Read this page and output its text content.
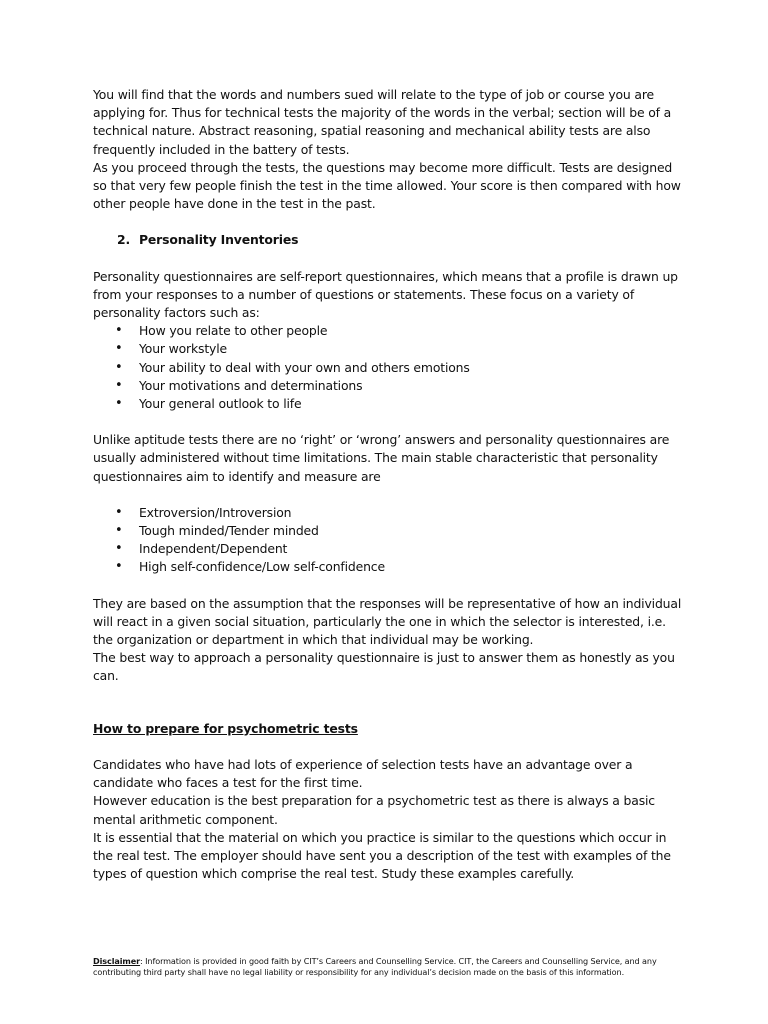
You will find that the words and numbers sued will relate to the type of job or course you are applying for. Thus for technical tests the majority of the words in the verbal; section will be of a technical nature. Abstract reasoning, spatial reasoning and mechanical ability tests are also frequently included in the battery of tests.

As you proceed through the tests, the questions may become more difficult. Tests are designed so that very few people finish the test in the time allowed. Your score is then compared with how other people have done in the test in the past.

2. Personality Inventories

Personality questionnaires are self-report questionnaires, which means that a profile is drawn up from your responses to a number of questions or statements. These focus on a variety of personality factors such as:

• How you relate to other people
• Your workstyle
• Your ability to deal with your own and others emotions
• Your motivations and determinations
• Your general outlook to life

Unlike aptitude tests there are no ‘right’ or ‘wrong’ answers and personality questionnaires are usually administered without time limitations. The main stable characteristic that personality questionnaires aim to identify and measure are

• Extroversion/Introversion
• Tough minded/Tender minded
• Independent/Dependent
• High self-confidence/Low self-confidence

They are based on the assumption that the responses will be representative of how an individual will react in a given social situation, particularly the one in which the selector is interested, i.e. the organization or department in which that individual may be working.

The best way to approach a personality questionnaire is just to answer them as honestly as you can.

How to prepare for psychometric tests

Candidates who have had lots of experience of selection tests have an advantage over a candidate who faces a test for the first time.

However education is the best preparation for a psychometric test as there is always a basic mental arithmetic component.

It is essential that the material on which you practice is similar to the questions which occur in the real test. The employer should have sent you a description of the test with examples of the types of question which comprise the real test. Study these examples carefully.

Disclaimer: Information is provided in good faith by CIT’s Careers and Counselling Service. CIT, the Careers and Counselling Service, and any contributing third party shall have no legal liability or responsibility for any individual’s decision made on the basis of this information.
